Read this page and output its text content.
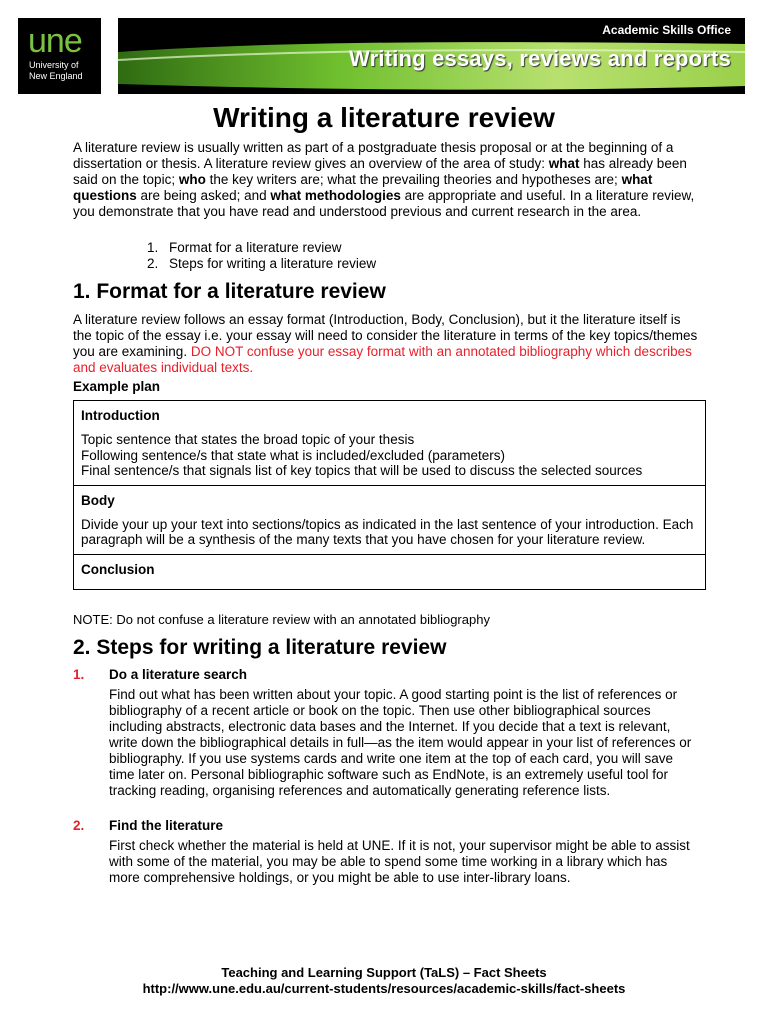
une
University of
New England
Academic Skills Office
Writing essays, reviews and reports
Writing a literature review

A literature review is usually written as part of a postgraduate thesis proposal or at the beginning of a dissertation or thesis. A literature review gives an overview of the area of study: what has already been said on the topic; who the key writers are; what the prevailing theories and hypotheses are; what questions are being asked; and what methodologies are appropriate and useful. In a literature review, you demonstrate that you have read and understood previous and current research in the area.

1. Format for a literature review
2. Steps for writing a literature review
1. Format for a literature review

A literature review follows an essay format (Introduction, Body, Conclusion), but it the literature itself is the topic of the essay i.e. your essay will need to consider the literature in terms of the key topics/themes you are examining. DO NOT confuse your essay format with an annotated bibliography which describes and evaluates individual texts.

Example plan

Introduction

Topic sentence that states the broad topic of your thesis

Following sentence/s that state what is included/excluded (parameters)

Final sentence/s that signals list of key topics that will be used to discuss the selected sources

Body

Divide your up your text into sections/topics as indicated in the last sentence of your introduction. Each paragraph will be a synthesis of the many texts that you have chosen for your literature review.

Conclusion

NOTE: Do not confuse a literature review with an annotated bibliography

2. Steps for writing a literature review
1.	Do a literature search

Find out what has been written about your topic. A good starting point is the list of references or bibliography of a recent article or book on the topic. Then use other bibliographical sources including abstracts, electronic data bases and the Internet. If you decide that a text is relevant, write down the bibliographical details in full—as the item would appear in your list of references or bibliography. If you use systems cards and write one item at the top of each card, you will save time later on. Personal bibliographic software such as EndNote, is an extremely useful tool for tracking reading, organising references and automatically generating reference lists.

2.	Find the literature

First check whether the material is held at UNE. If it is not, your supervisor might be able to assist with some of the material, you may be able to spend some time working in a library which has more comprehensive holdings, or you might be able to use inter-library loans.

Teaching and Learning Support (TaLS) – Fact Sheets

http://www.une.edu.au/current-students/resources/academic-skills/fact-sheets
